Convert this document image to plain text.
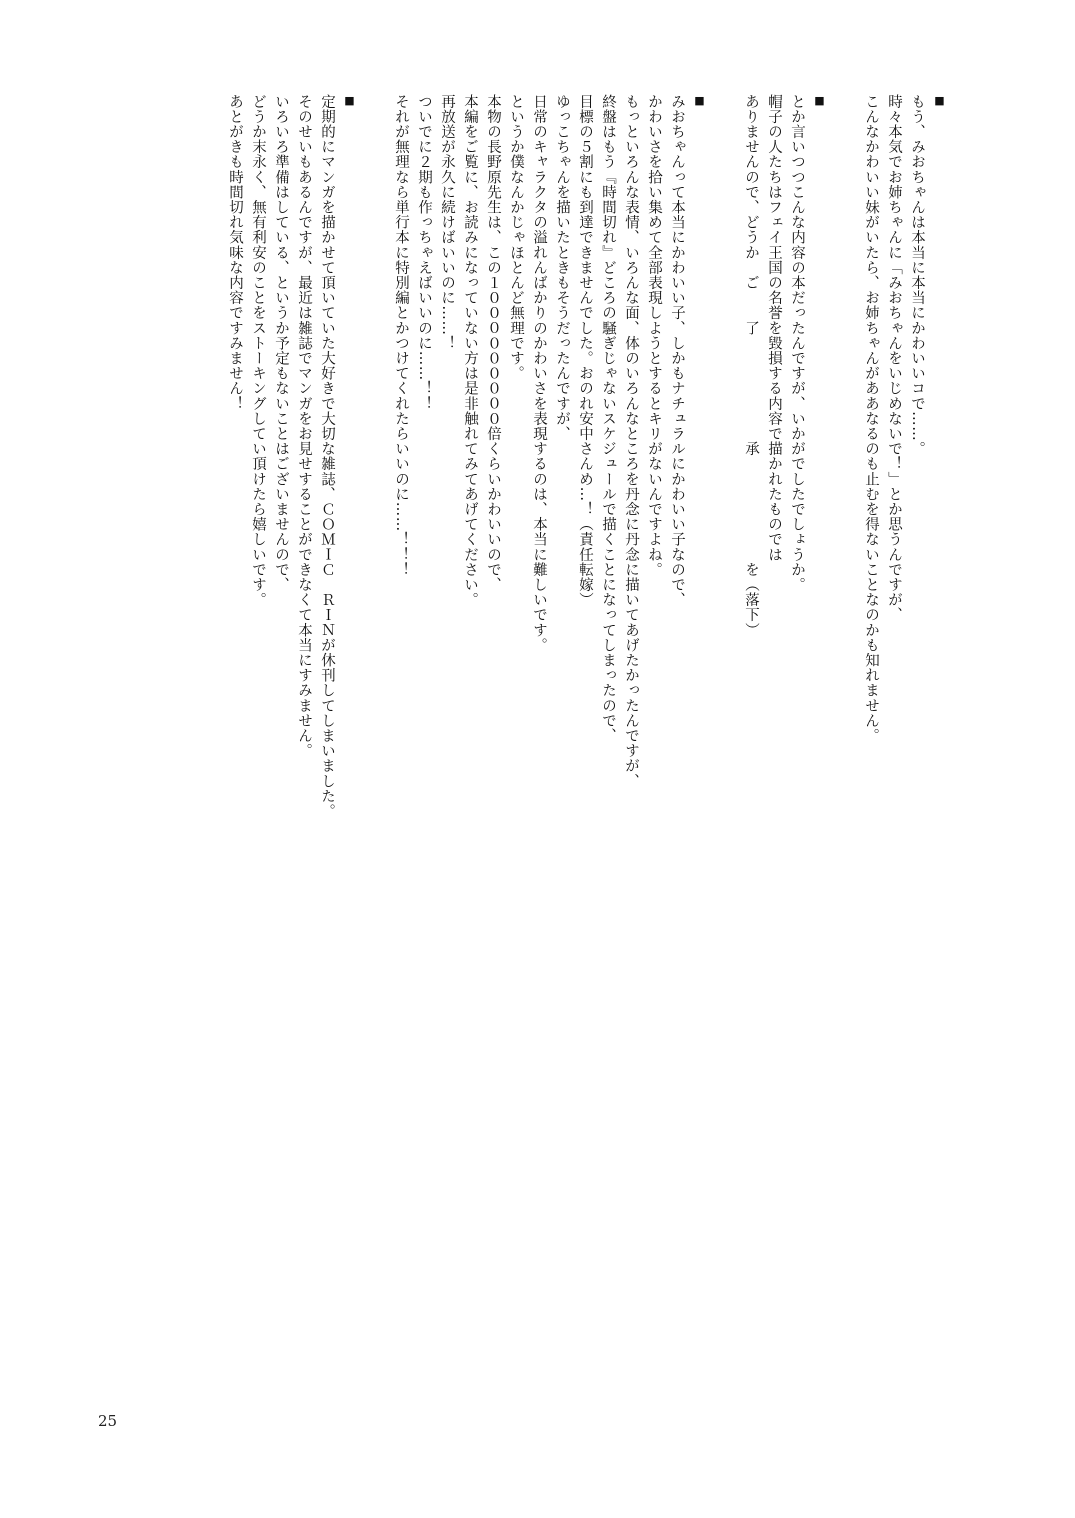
■
もう、みおちゃんは本当に本当にかわいいコで……。
時々本気でお姉ちゃんに「みおちゃんをいじめないで！」とか思うんですが、
こんなかわいい妹がいたら、お姉ちゃんがああなるのも止むを得ないことなのかも知れません。
■
とか言いつつこんな内容の本だったんですが、いかがでしたでしょうか。
帽子の人たちはフェイ王国の名誉を毀損する内容で描かれたものでは
ありませんので、どうか　ご　　了　　　　　　　承　　　　　　　を（落下）
■
みおちゃんって本当にかわいい子、しかもナチュラルにかわいい子なので、
かわいさを拾い集めて全部表現しようとするとキリがないんですよね。
もっといろんな表情、いろんな面、体のいろんなところを丹念に丹念に描いてあげたかったんですが、
終盤はもう『時間切れ』どころの騒ぎじゃないスケジュールで描くことになってしまったので、
目標の５割にも到達できませんでした。おのれ安中さんめ…！（責任転嫁）
ゆっこちゃんを描いたときもそうだったんですが、
日常のキャラクタの溢れんばかりのかわいさを表現するのは、本当に難しいです。
というか僕なんかじゃほとんど無理です。
本物の長野原先生は、この１０００００００００倍くらいかわいいので、
本編をご覧に、お読みになっていない方は是非触れてみてあげてください。
再放送が永久に続けばいいのに……！
ついでに２期も作っちゃえばいいのに……！！
それが無理なら単行本に特別編とかつけてくれたらいいのに……！！！
■
定期的にマンガを描かせて頂いていた大好きで大切な雑誌、ＣＯＭＩＣ　ＲＩＮが休刊してしまいました。
そのせいもあるんですが、最近は雑誌でマンガをお見せすることができなくて本当にすみません。
いろいろ準備はしている、というか予定もないことはございませんので、
どうか末永く、無有利安のことをストーキングしてい頂けたら嬉しいです。
あとがきも時間切れ気味な内容ですみません！
25
